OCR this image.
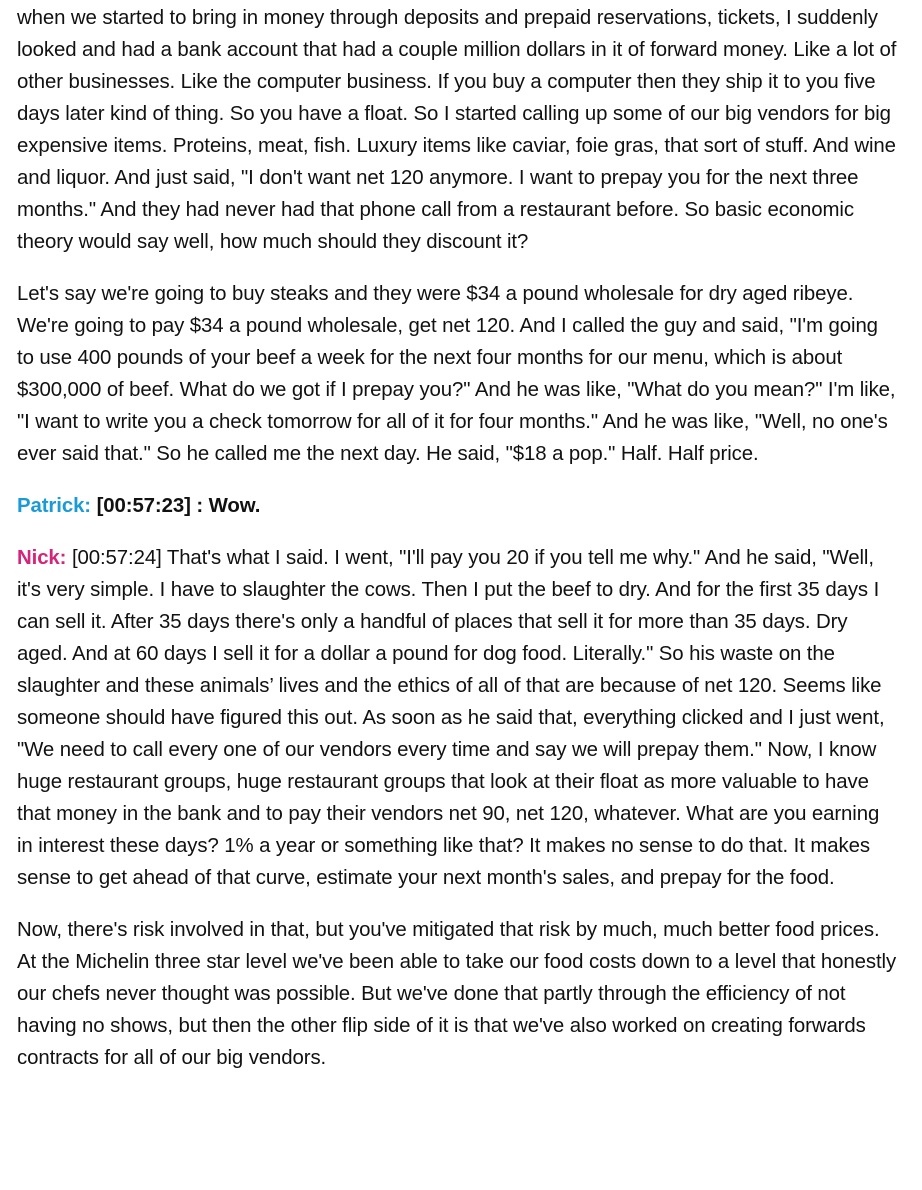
when we started to bring in money through deposits and prepaid reservations, tickets, I suddenly looked and had a bank account that had a couple million dollars in it of forward money. Like a lot of other businesses. Like the computer business. If you buy a computer then they ship it to you five days later kind of thing. So you have a float. So I started calling up some of our big vendors for big expensive items. Proteins, meat, fish. Luxury items like caviar, foie gras, that sort of stuff. And wine and liquor. And just said, "I don't want net 120 anymore. I want to prepay you for the next three months." And they had never had that phone call from a restaurant before. So basic economic theory would say well, how much should they discount it?

Let's say we're going to buy steaks and they were $34 a pound wholesale for dry aged ribeye. We're going to pay $34 a pound wholesale, get net 120. And I called the guy and said, "I'm going to use 400 pounds of your beef a week for the next four months for our menu, which is about $300,000 of beef. What do we got if I prepay you?" And he was like, "What do you mean?" I'm like, "I want to write you a check tomorrow for all of it for four months." And he was like, "Well, no one's ever said that." So he called me the next day. He said, "$18 a pop." Half. Half price.

Patrick: [00:57:23] : Wow.

Nick: [00:57:24] That's what I said. I went, "I'll pay you 20 if you tell me why." And he said, "Well, it's very simple. I have to slaughter the cows. Then I put the beef to dry. And for the first 35 days I can sell it. After 35 days there's only a handful of places that sell it for more than 35 days. Dry aged. And at 60 days I sell it for a dollar a pound for dog food. Literally." So his waste on the slaughter and these animals’ lives and the ethics of all of that are because of net 120. Seems like someone should have figured this out. As soon as he said that, everything clicked and I just went, "We need to call every one of our vendors every time and say we will prepay them." Now, I know huge restaurant groups, huge restaurant groups that look at their float as more valuable to have that money in the bank and to pay their vendors net 90, net 120, whatever. What are you earning in interest these days? 1% a year or something like that? It makes no sense to do that. It makes sense to get ahead of that curve, estimate your next month's sales, and prepay for the food.

Now, there's risk involved in that, but you've mitigated that risk by much, much better food prices. At the Michelin three star level we've been able to take our food costs down to a level that honestly our chefs never thought was possible. But we've done that partly through the efficiency of not having no shows, but then the other flip side of it is that we've also worked on creating forwards contracts for all of our big vendors.
